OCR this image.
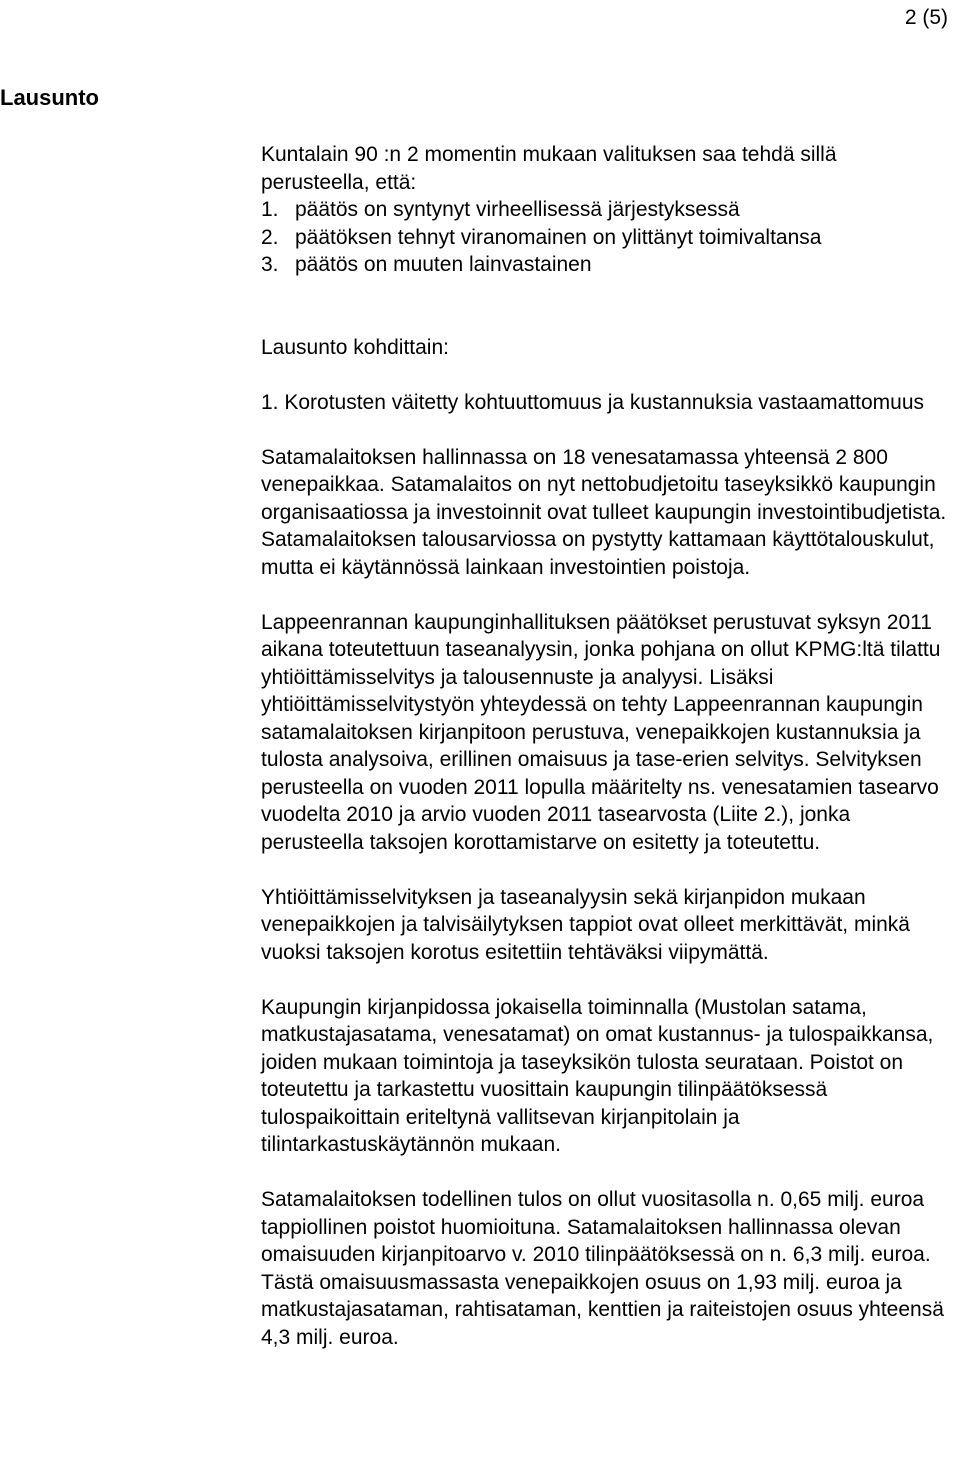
2 (5)
Lausunto

Kuntalain 90 :n 2 momentin mukaan valituksen saa tehdä sillä
perusteella, että:

1. päätös on syntynyt virheellisessä järjestyksessä
2. päätöksen tehnyt viranomainen on ylittänyt toimivaltansa
3. päätös on muuten lainvastainen

Lausunto kohdittain:

1. Korotusten väitetty kohtuuttomuus ja kustannuksia vastaamattomuus

Satamalaitoksen hallinnassa on 18 venesatamassa yhteensä 2 800 venepaikkaa. Satamalaitos on nyt nettobudjetoitu taseyksikkö kaupungin organisaatiossa ja investoinnit ovat tulleet kaupungin investointibudjetista. Satamalaitoksen talousarviossa on pystytty kattamaan käyttötalouskulut, mutta ei käytännössä lainkaan investointien poistoja.

Lappeenrannan kaupunginhallituksen päätökset perustuvat syksyn 2011 aikana toteutettuun taseanalyysin, jonka pohjana on ollut KPMG:ltä tilattu yhtiöittämisselvitys ja talousennuste ja analyysi. Lisäksi yhtiöittämisselvitystyön yhteydessä on tehty Lappeenrannan kaupungin satamalaitoksen kirjanpitoon perustuva, venepaikkojen kustannuksia ja tulosta analysoiva, erillinen omaisuus ja tase-erien selvitys. Selvityksen perusteella on vuoden 2011 lopulla määritelty ns. venesatamien tasearvo vuodelta 2010 ja arvio vuoden 2011 tasearvosta (Liite 2.), jonka perusteella taksojen korottamistarve on esitetty ja toteutettu.

Yhtiöittämisselvityksen ja taseanalyysin sekä kirjanpidon mukaan venepaikkojen ja talvisäilytyksen tappiot ovat olleet merkittävät, minkä vuoksi taksojen korotus esitettiin tehtäväksi viipymättä.

Kaupungin kirjanpidossa jokaisella toiminnalla (Mustolan satama, matkustajasatama, venesatamat) on omat kustannus- ja tulospaikkansa, joiden mukaan toimintoja ja taseyksikön tulosta seurataan. Poistot on toteutettu ja tarkastettu vuosittain kaupungin tilinpäätöksessä tulospaikoittain eriteltynä vallitsevan kirjanpitolain ja tilintarkastuskäytännön mukaan.

Satamalaitoksen todellinen tulos on ollut vuositasolla n. 0,65 milj. euroa tappiollinen poistot huomioituna. Satamalaitoksen hallinnassa olevan omaisuuden kirjanpitoarvo v. 2010 tilinpäätöksessä on n. 6,3 milj. euroa. Tästä omaisuusmassasta venepaikkojen osuus on 1,93 milj. euroa ja matkustajasataman, rahtisataman, kenttien ja raiteistojen osuus yhteensä 4,3 milj. euroa.
